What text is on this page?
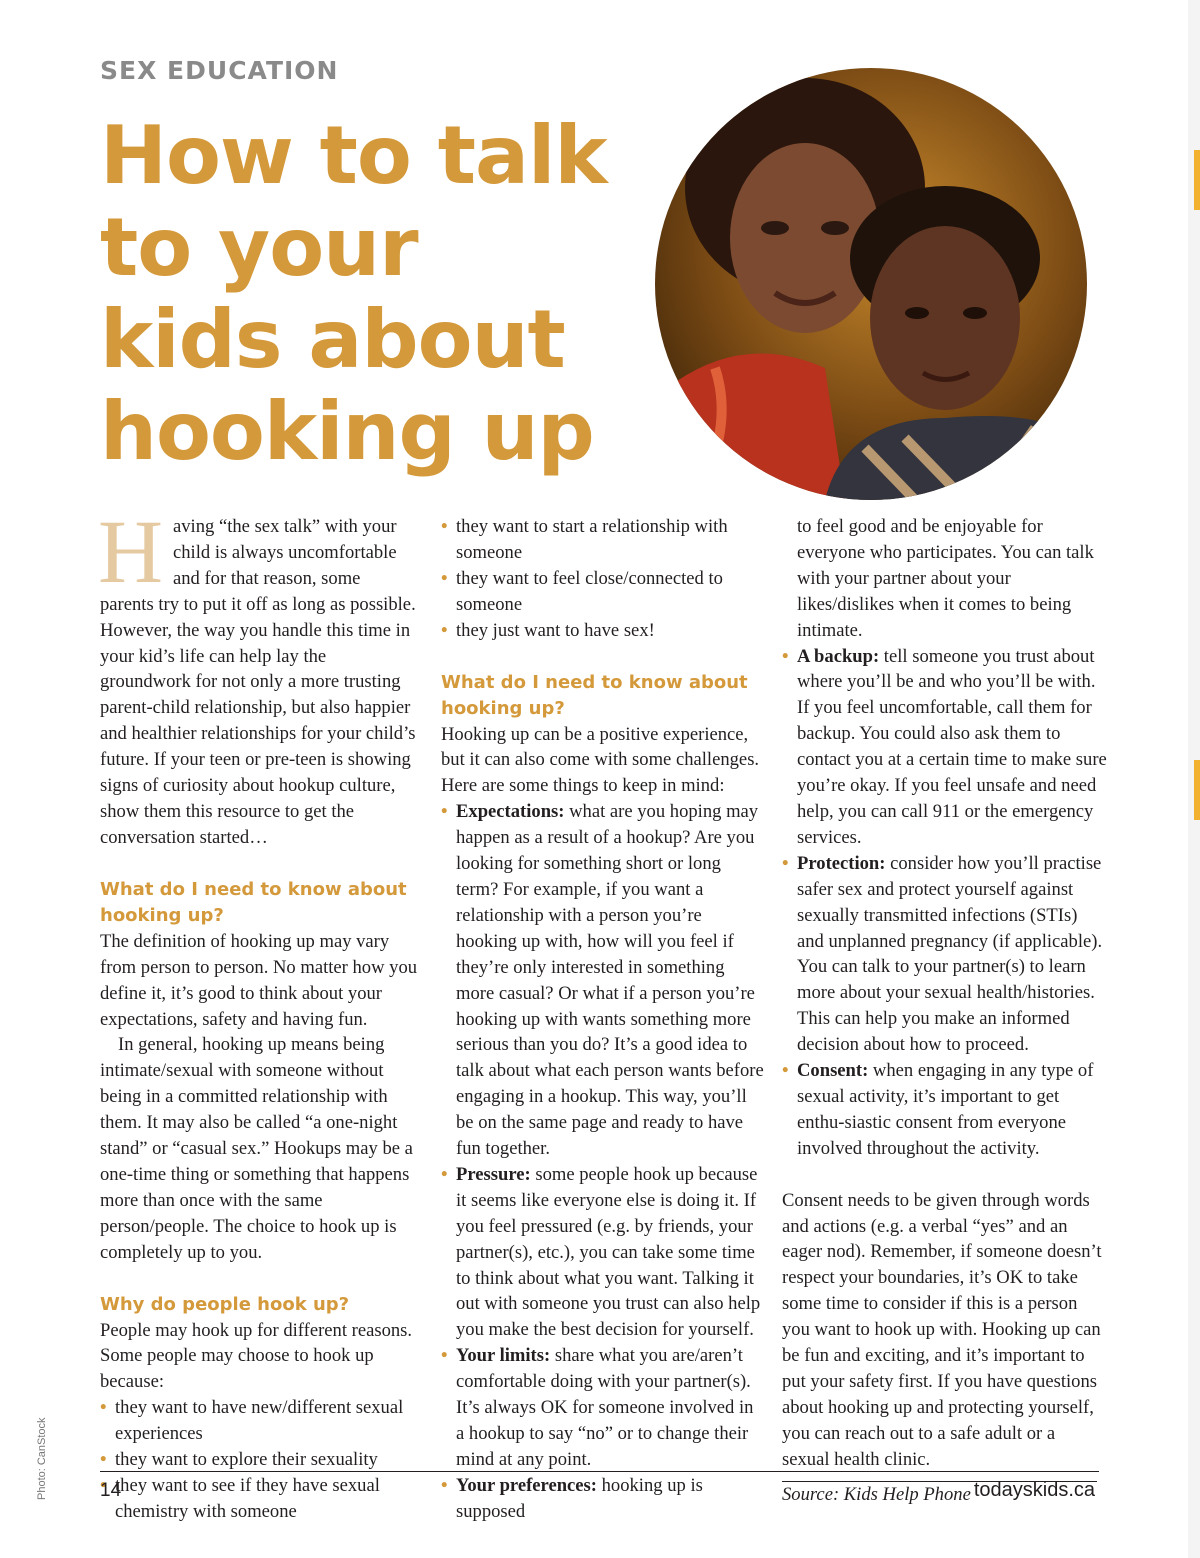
SEX EDUCATION
How to talk
to your
kids about
hooking up

Having “the sex talk” with your child is always uncomfortable and for that reason, some parents try to put it off as long as possible. However, the way you handle this time in your kid’s life can help lay the groundwork for not only a more trusting parent-child relationship, but also happier and healthier relationships for your child’s future. If your teen or pre-teen is showing signs of curiosity about hookup culture, show them this resource to get the conversation started…

What do I need to know about hooking up?

The definition of hooking up may vary from person to person. No matter how you define it, it’s good to think about your expectations, safety and having fun.

In general, hooking up means being intimate/sexual with someone without being in a committed relationship with them. It may also be called “a one-night stand” or “casual sex.” Hookups may be a one-time thing or something that happens more than once with the same person/people. The choice to hook up is completely up to you.

Why do people hook up?

People may hook up for different reasons. Some people may choose to hook up because:

• they want to have new/different sexual experiences
• they want to explore their sexuality
• they want to see if they have sexual chemistry with someone
• they want to start a relationship with someone
• they want to feel close/connected to someone
• they just want to have sex!
What do I need to know about hooking up?

Hooking up can be a positive experience, but it can also come with some challenges. Here are some things to keep in mind:

• Expectations: what are you hoping may happen as a result of a hookup? Are you looking for something short or long term? For example, if you want a relationship with a person you’re hooking up with, how will you feel if they’re only interested in something more casual? Or what if a person you’re hooking up with wants something more serious than you do? It’s a good idea to talk about what each person wants before engaging in a hookup. This way, you’ll be on the same page and ready to have fun together.
• Pressure: some people hook up because it seems like everyone else is doing it. If you feel pressured (e.g. by friends, your partner(s), etc.), you can take some time to think about what you want. Talking it out with someone you trust can also help you make the best decision for yourself.
• Your limits: share what you are/aren’t comfortable doing with your partner(s). It’s always OK for someone involved in a hookup to say “no” or to change their mind at any point.
• Your preferences: hooking up is supposed

to feel good and be enjoyable for everyone who participates. You can talk with your partner about your likes/dislikes when it comes to being intimate.

• A backup: tell someone you trust about where you’ll be and who you’ll be with. If you feel uncomfortable, call them for backup. You could also ask them to contact you at a certain time to make sure you’re okay. If you feel unsafe and need help, you can call 911 or the emergency services.
• Protection: consider how you’ll practise safer sex and protect yourself against sexually transmitted infections (STIs) and unplanned pregnancy (if applicable). You can talk to your partner(s) to learn more about your sexual health/histories. This can help you make an informed decision about how to proceed.
• Consent: when engaging in any type of sexual activity, it’s important to get enthu-siastic consent from everyone involved throughout the activity.

Consent needs to be given through words and actions (e.g. a verbal “yes” and an eager nod). Remember, if someone doesn’t respect your boundaries, it’s OK to take some time to consider if this is a person you want to hook up with. Hooking up can be fun and exciting, and it’s important to put your safety first. If you have questions about hooking up and protecting yourself, you can reach out to a safe adult or a sexual health clinic.

Source: Kids Help Phone

Photo: CanStock	14	todayskids.ca
